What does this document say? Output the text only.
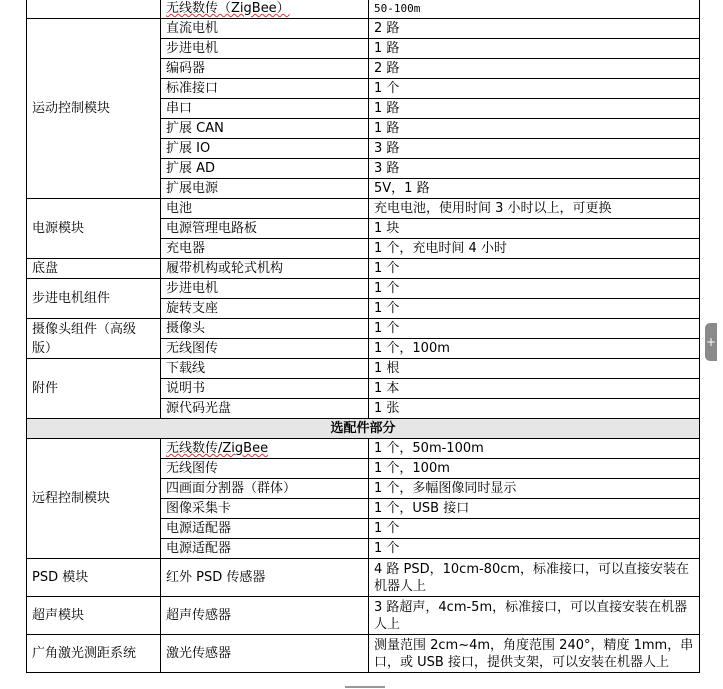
	无线数传（ZigBee）	50-100m
运动控制模块	直流电机	2 路
	步进电机	1 路
	编码器	2 路
	标准接口	1 个
	串口	1 路
	扩展 CAN	1 路
	扩展 IO	3 路
	扩展 AD	3 路
	扩展电源	5V，1 路
电源模块	电池	充电电池，使用时间 3 小时以上，可更换
	电源管理电路板	1 块
	充电器	1 个，充电时间 4 小时
底盘	履带机构或轮式机构	1 个
步进电机组件	步进电机	1 个
	旋转支座	1 个
摄像头组件（高级版）	摄像头	1 个
	无线图传	1 个，100m
附件	下载线	1 根
	说明书	1 本
	源代码光盘	1 张
选配件部分		
远程控制模块	无线数传/ZigBee	1 个，50m-100m
	无线图传	1 个，100m
	四画面分割器（群体）	1 个，多幅图像同时显示
	图像采集卡	1 个，USB 接口
	电源适配器	1 个
	电源适配器	1 个
PSD 模块	红外 PSD 传感器	4 路 PSD，10cm-80cm，标准接口，可以直接安装在机器人上
超声模块	超声传感器	3 路超声，4cm-5m，标准接口，可以直接安装在机器人上
广角激光测距系统	激光传感器	测量范围 2cm~4m，角度范围 240°，精度 1mm，串口，或 USB 接口，提供支架，可以安装在机器人上
+
